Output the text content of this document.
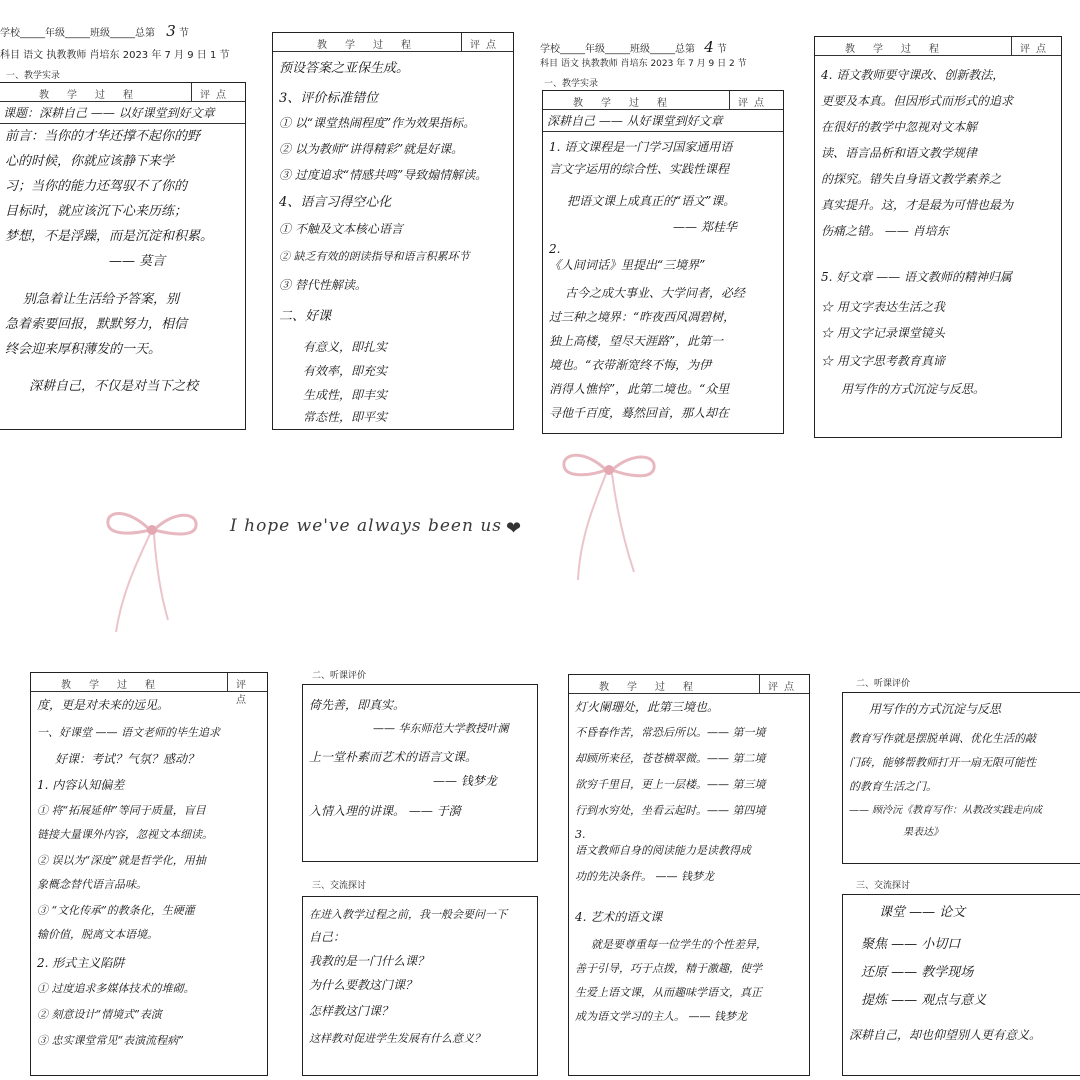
学校_____年级_____班级_____总第 3 节
科目 语文 执教教师 肖培东 2023 年 7 月 9 日 1 节
一、教学实录
教学过程	评点
课题：深耕自己 —— 以好课堂到好文章
前言：当你的才华还撑不起你的野
心的时候，你就应该静下来学
习；当你的能力还驾驭不了你的
目标时，就应该沉下心来历练；
梦想，不是浮躁，而是沉淀和积累。
—— 莫言
别急着让生活给予答案，别
急着索要回报，默默努力，相信
终会迎来厚积薄发的一天。
深耕自己，不仅是对当下之校
教学过程	评点
预设答案之亚保生成。
3、评价标准错位
① 以“课堂热闹程度”作为效果指标。
② 以为教师“讲得精彩”就是好课。
③ 过度追求“情感共鸣”导致煽情解读。
4、语言习得空心化
① 不触及文本核心语言
② 缺乏有效的朗读指导和语言积累环节
③ 替代性解读。
二、好课
有意义，即扎实
有效率，即充实
生成性，即丰实
常态性，即平实
学校_____年级_____班级_____总第 4 节
科目 语文 执教教师 肖培东 2023 年 7 月 9 日 2 节
一、教学实录
教学过程	评点
深耕自己 —— 从好课堂到好文章
1. 语文课程是一门学习国家通用语
言文字运用的综合性、实践性课程
把语文课上成真正的“语文”课。
—— 郑桂华
2.
《人间词话》里提出“三境界”
古今之成大事业、大学问者，必经
过三种之境界：“昨夜西风凋碧树，
独上高楼，望尽天涯路”，此第一
境也。“衣带渐宽终不悔，为伊
消得人憔悴”，此第二境也。“众里
寻他千百度，蓦然回首，那人却在
教学过程	评点
4. 语文教师要守课改、创新教法，
更要及本真。但因形式而形式的追求
在很好的教学中忽视对文本解
读、语言品析和语文教学规律
的探究。错失自身语文教学素养之
真实提升。这，才是最为可惜也最为
伤痛之错。 —— 肖培东
5. 好文章 —— 语文教师的精神归属
☆ 用文字表达生活之我
☆ 用文字记录课堂镜头
☆ 用文字思考教育真谛
用写作的方式沉淀与反思。
I hope we've always been us ❤
教学过程	评点
度，更是对未来的远见。
一、好课堂 —— 语文老师的毕生追求
好课：考试？气氛？感动？
1. 内容认知偏差
① 将“拓展延伸”等同于质量，盲目
链接大量课外内容，忽视文本细读。
② 误以为“深度”就是哲学化，用抽
象概念替代语言品味。
③ “文化传承”的教条化，生硬灌
输价值，脱离文本语境。
2. 形式主义陷阱
① 过度追求多媒体技术的堆砌。
② 刻意设计“情境式”表演
③ 忠实课堂常见“表演流程病”
二、听课评价
倚先善，即真实。
—— 华东师范大学教授叶澜
上一堂朴素而艺术的语言文课。
—— 钱梦龙
入情入理的讲课。 —— 于漪
三、交流探讨
在进入教学过程之前，我一般会要问一下
自己：
我教的是一门什么课？
为什么要教这门课？
怎样教这门课？
这样教对促进学生发展有什么意义？
教学过程	评点
灯火阑珊处，此第三境也。
不昏春作苦，常恐后所以。—— 第一境
却顾所来径，苍苍横翠微。—— 第二境
欲穷千里目，更上一层楼。—— 第三境
行到水穷处，坐看云起时。—— 第四境
3.
语文教师自身的阅读能力是读教得成
功的先决条件。 —— 钱梦龙
4. 艺术的语文课
就是要尊重每一位学生的个性差异，
善于引导，巧于点拨，精于激趣，使学
生爱上语文课，从而趣味学语文，真正
成为语文学习的主人。 —— 钱梦龙
二、听课评价
用写作的方式沉淀与反思
教育写作就是摆脱单调、优化生活的敲
门砖，能够帮教师打开一扇无限可能性
的教育生活之门。
—— 顾泠沅《教育写作：从教改实践走向成
果表达》
三、交流探讨
课堂 —— 论文
聚焦 —— 小切口
还原 —— 教学现场
提炼 —— 观点与意义
深耕自己，却也仰望别人更有意义。
